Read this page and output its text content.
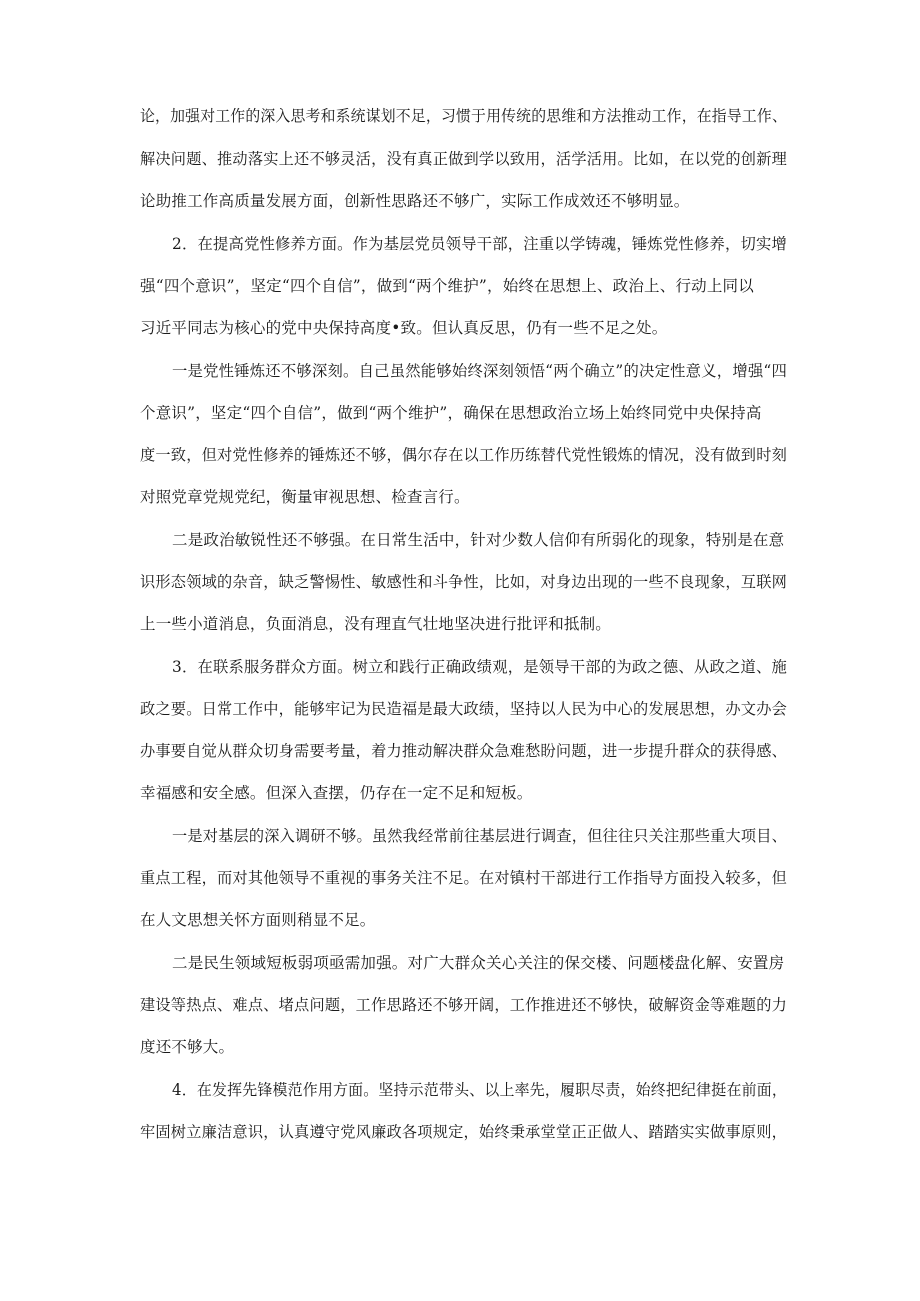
论，加强对工作的深入思考和系统谋划不足，习惯于用传统的思维和方法推动工作，在指导工作、
解决问题、推动落实上还不够灵活，没有真正做到学以致用，活学活用。比如，在以党的创新理
论助推工作高质量发展方面，创新性思路还不够广，实际工作成效还不够明显。
2．在提高党性修养方面。作为基层党员领导干部，注重以学铸魂，锤炼党性修养，切实增
强“四个意识”，坚定“四个自信”，做到“两个维护”，始终在思想上、政治上、行动上同以
习近平同志为核心的党中央保持高度•致。但认真反思，仍有一些不足之处。
一是党性锤炼还不够深刻。自己虽然能够始终深刻领悟“两个确立”的决定性意义，增强“四
个意识”，坚定“四个自信”，做到“两个维护”，确保在思想政治立场上始终同党中央保持高
度一致，但对党性修养的锤炼还不够，偶尔存在以工作历练替代党性锻炼的情况，没有做到时刻
对照党章党规党纪，衡量审视思想、检查言行。
二是政治敏锐性还不够强。在日常生活中，针对少数人信仰有所弱化的现象，特别是在意
识形态领域的杂音，缺乏警惕性、敏感性和斗争性，比如，对身边出现的一些不良现象，互联网
上一些小道消息，负面消息，没有理直气壮地坚决进行批评和抵制。
3．在联系服务群众方面。树立和践行正确政绩观，是领导干部的为政之德、从政之道、施
政之要。日常工作中，能够牢记为民造福是最大政绩，坚持以人民为中心的发展思想，办文办会
办事要自觉从群众切身需要考量，着力推动解决群众急难愁盼问题，进一步提升群众的获得感、
幸福感和安全感。但深入查摆，仍存在一定不足和短板。
一是对基层的深入调研不够。虽然我经常前往基层进行调查，但往往只关注那些重大项目、
重点工程，而对其他领导不重视的事务关注不足。在对镇村干部进行工作指导方面投入较多，但
在人文思想关怀方面则稍显不足。
二是民生领域短板弱项亟需加强。对广大群众关心关注的保交楼、问题楼盘化解、安置房
建设等热点、难点、堵点问题，工作思路还不够开阔，工作推进还不够快，破解资金等难题的力
度还不够大。
4．在发挥先锋模范作用方面。坚持示范带头、以上率先，履职尽责，始终把纪律挺在前面，
牢固树立廉洁意识，认真遵守党风廉政各项规定，始终秉承堂堂正正做人、踏踏实实做事原则，
